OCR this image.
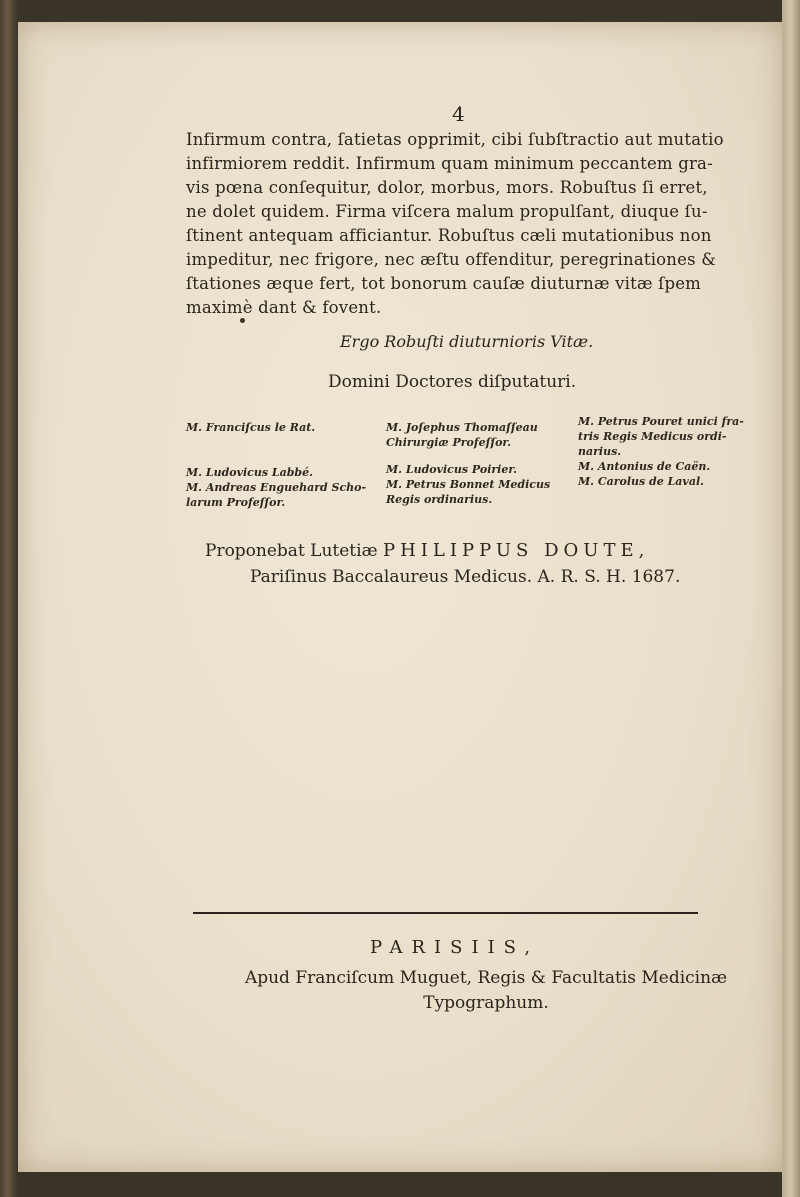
4
Infirmum contra, ſatietas opprimit, cibi ſubſtractio aut mutatio
infirmiorem reddit. Infirmum quam minimum peccantem gra-
vis pœna conſequitur, dolor, morbus, mors. Robuſtus ſi erret,
ne dolet quidem. Firma viſcera malum propulſant, diuque ſu-
ſtinent antequam afficiantur. Robuſtus cæli mutationibus non
impeditur, nec frigore, nec æſtu offenditur, peregrinationes &
ſtationes æque fert, tot bonorum cauſæ diuturnæ vitæ ſpem
maximè dant & fovent.
Ergo Robuſti diuturnioris Vitæ.
Domini Doctores diſputaturi.

M. Franciſcus le Rat.

M. Ludovicus Labbé.

M. Andreas Enguehard Scho-

larum Profeſſor.

M. Joſephus Thomaſſeau

Chirurgiæ Profeſſor.

M. Ludovicus Poirier.

M. Petrus Bonnet Medicus

Regis ordinarius.

M. Petrus Pouret unici fra-

tris Regis Medicus ordi-

narius.

M. Antonius de Caën.

M. Carolus de Laval.

Proponebat Lutetiæ PHILIPPUS DOUTE,
Pariſinus Baccalaureus Medicus. A. R. S. H. 1687.
PARISIIS,
Apud Franciſcum Muguet, Regis & Facultatis Medicinæ
Typographum.
